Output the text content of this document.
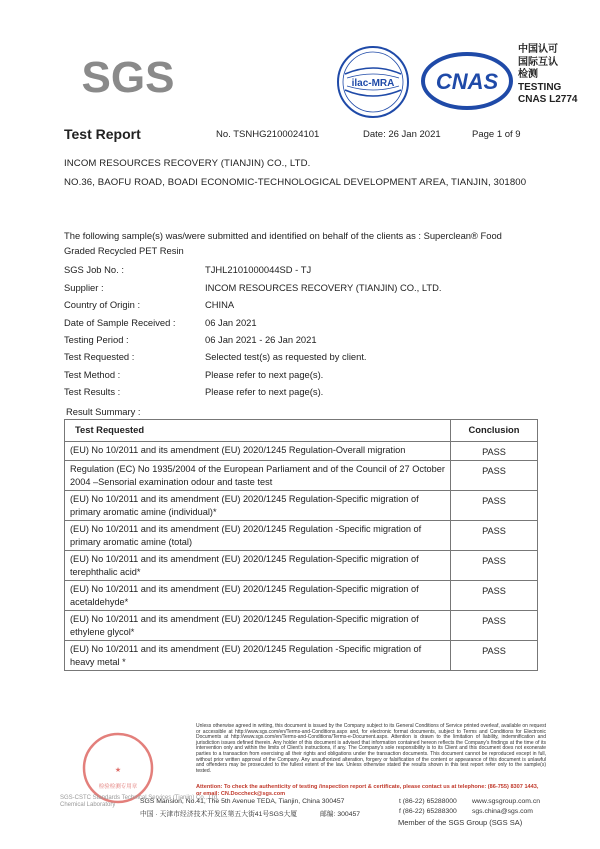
SGS	ilac-MRA CNAS
中国认可
国际互认
检测
TESTING
CNAS L2774
Test Report	No. TSNHG2100024101	Date: 26 Jan 2021	Page 1 of 9
INCOM RESOURCES RECOVERY (TIANJIN) CO., LTD.
NO.36, BAOFU ROAD, BOADI ECONOMIC-TECHNOLOGICAL DEVELOPMENT AREA, TIANJIN, 301800
The following sample(s) was/were submitted and identified on behalf of the clients as : Superclean® Food Graded Recycled PET Resin
SGS Job No. :	TJHL2101000044SD - TJ
Supplier :	INCOM RESOURCES RECOVERY (TIANJIN) CO., LTD.
Country of Origin :	CHINA
Date of Sample Received :	06 Jan 2021
Testing Period :	06 Jan 2021 - 26 Jan 2021
Test Requested :	Selected test(s) as requested by client.
Test Method :	Please refer to next page(s).
Test Results :	Please refer to next page(s).
Result Summary :
Test Requested	Conclusion
(EU) No 10/2011 and its amendment (EU) 2020/1245 Regulation-Overall migration	PASS
Regulation (EC) No 1935/2004 of the European Parliament and of the Council of 27 October 2004 –Sensorial examination odour and taste test	PASS
(EU) No 10/2011 and its amendment (EU) 2020/1245 Regulation-Specific migration of primary aromatic amine (individual)*	PASS
(EU) No 10/2011 and its amendment (EU) 2020/1245 Regulation -Specific migration of primary aromatic amine (total)	PASS
(EU) No 10/2011 and its amendment (EU) 2020/1245 Regulation-Specific migration of terephthalic acid*	PASS
(EU) No 10/2011 and its amendment (EU) 2020/1245 Regulation-Specific migration of acetaldehyde*	PASS
(EU) No 10/2011 and its amendment (EU) 2020/1245 Regulation-Specific migration of ethylene glycol*	PASS
(EU) No 10/2011 and its amendment (EU) 2020/1245 Regulation -Specific migration of heavy metal *	PASS
★
检验检测专用章
SGS-CSTC Standards Technical Services (Tianjin) Co., Ltd.
Chemical Laboratory
Unless otherwise agreed in writing, this document is issued by the Company subject to its General Conditions of Service printed overleaf, available on request or accessible at http://www.sgs.com/en/Terms-and-Conditions.aspx and, for electronic format documents, subject to Terms and Conditions for Electronic Documents at http://www.sgs.com/en/Terms-and-Conditions/Terms-e-Document.aspx. Attention is drawn to the limitation of liability, indemnification and jurisdiction issues defined therein. Any holder of this document is advised that information contained hereon reflects the Company's findings at the time of its intervention only and within the limits of Client's instructions, if any. The Company's sole responsibility is to its Client and this document does not exonerate parties to a transaction from exercising all their rights and obligations under the transaction documents. This document cannot be reproduced except in full, without prior written approval of the Company. Any unauthorized alteration, forgery or falsification of the content or appearance of this document is unlawful and offenders may be prosecuted to the fullest extent of the law. Unless otherwise stated the results shown in this test report refer only to the sample(s) tested.
Attention: To check the authenticity of testing /inspection report & certificate, please contact us at telephone: (86-755) 8307 1443,
or email: CN.Doccheck@sgs.com
SGS Mansion, No.41, The 5th Avenue TEDA, Tianjin, China 300457
中国 · 天津市经济技术开发区第五大街41号SGS大厦	邮编: 300457
t (86-22) 65288000
f (86-22) 65288300
www.sgsgroup.com.cn
sgs.china@sgs.com
Member of the SGS Group (SGS SA)
